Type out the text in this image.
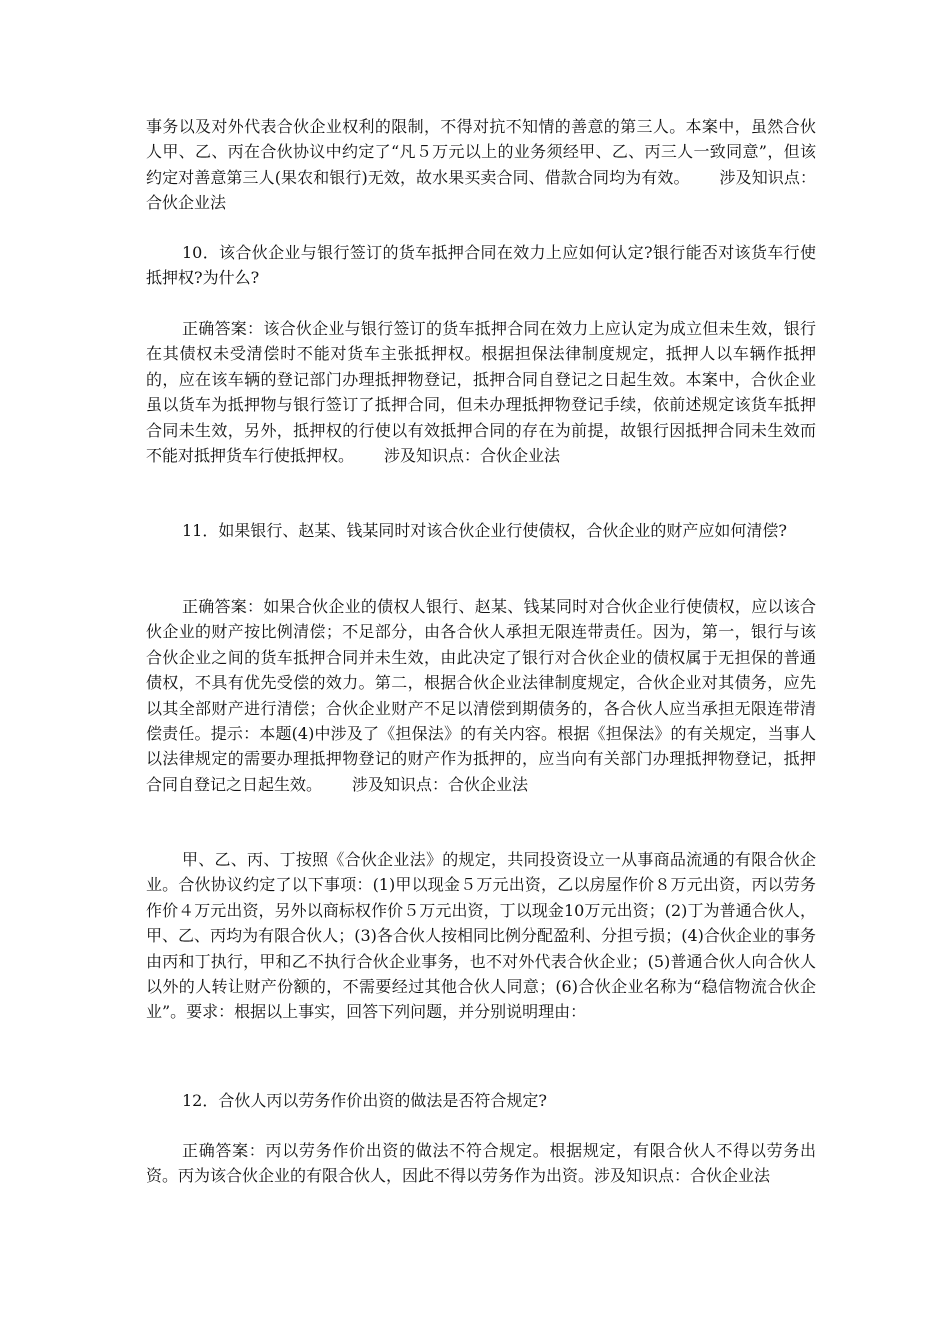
事务以及对外代表合伙企业权利的限制，不得对抗不知情的善意的第三人。本案中，虽然合伙人甲、乙、丙在合伙协议中约定了“凡５万元以上的业务须经甲、乙、丙三人一致同意”，但该约定对善意第三人(果农和银行)无效，故水果买卖合同、借款合同均为有效。 涉及知识点：合伙企业法

10．该合伙企业与银行签订的货车抵押合同在效力上应如何认定?银行能否对该货车行使抵押权?为什么?

正确答案：该合伙企业与银行签订的货车抵押合同在效力上应认定为成立但未生效，银行在其债权未受清偿时不能对货车主张抵押权。根据担保法律制度规定，抵押人以车辆作抵押的，应在该车辆的登记部门办理抵押物登记，抵押合同自登记之日起生效。本案中，合伙企业虽以货车为抵押物与银行签订了抵押合同，但未办理抵押物登记手续，依前述规定该货车抵押合同未生效，另外，抵押权的行使以有效抵押合同的存在为前提，故银行因抵押合同未生效而不能对抵押货车行使抵押权。 涉及知识点：合伙企业法

11．如果银行、赵某、钱某同时对该合伙企业行使债权，合伙企业的财产应如何清偿?

正确答案：如果合伙企业的债权人银行、赵某、钱某同时对合伙企业行使债权，应以该合伙企业的财产按比例清偿；不足部分，由各合伙人承担无限连带责任。因为，第一，银行与该合伙企业之间的货车抵押合同并未生效，由此决定了银行对合伙企业的债权属于无担保的普通债权，不具有优先受偿的效力。第二，根据合伙企业法律制度规定，合伙企业对其债务，应先以其全部财产进行清偿；合伙企业财产不足以清偿到期债务的，各合伙人应当承担无限连带清偿责任。提示：本题(4)中涉及了《担保法》的有关内容。根据《担保法》的有关规定，当事人以法律规定的需要办理抵押物登记的财产作为抵押的，应当向有关部门办理抵押物登记，抵押合同自登记之日起生效。 涉及知识点：合伙企业法

甲、乙、丙、丁按照《合伙企业法》的规定，共同投资设立一从事商品流通的有限合伙企业。合伙协议约定了以下事项：(1)甲以现金５万元出资，乙以房屋作价８万元出资，丙以劳务作价４万元出资，另外以商标权作价５万元出资，丁以现金10万元出资；(2)丁为普通合伙人，甲、乙、丙均为有限合伙人；(3)各合伙人按相同比例分配盈利、分担亏损；(4)合伙企业的事务由丙和丁执行，甲和乙不执行合伙企业事务，也不对外代表合伙企业；(5)普通合伙人向合伙人以外的人转让财产份额的，不需要经过其他合伙人同意；(6)合伙企业名称为“稳信物流合伙企业”。要求：根据以上事实，回答下列问题，并分别说明理由：

12．合伙人丙以劳务作价出资的做法是否符合规定?

正确答案：丙以劳务作价出资的做法不符合规定。根据规定，有限合伙人不得以劳务出资。丙为该合伙企业的有限合伙人，因此不得以劳务作为出资。涉及知识点：合伙企业法
